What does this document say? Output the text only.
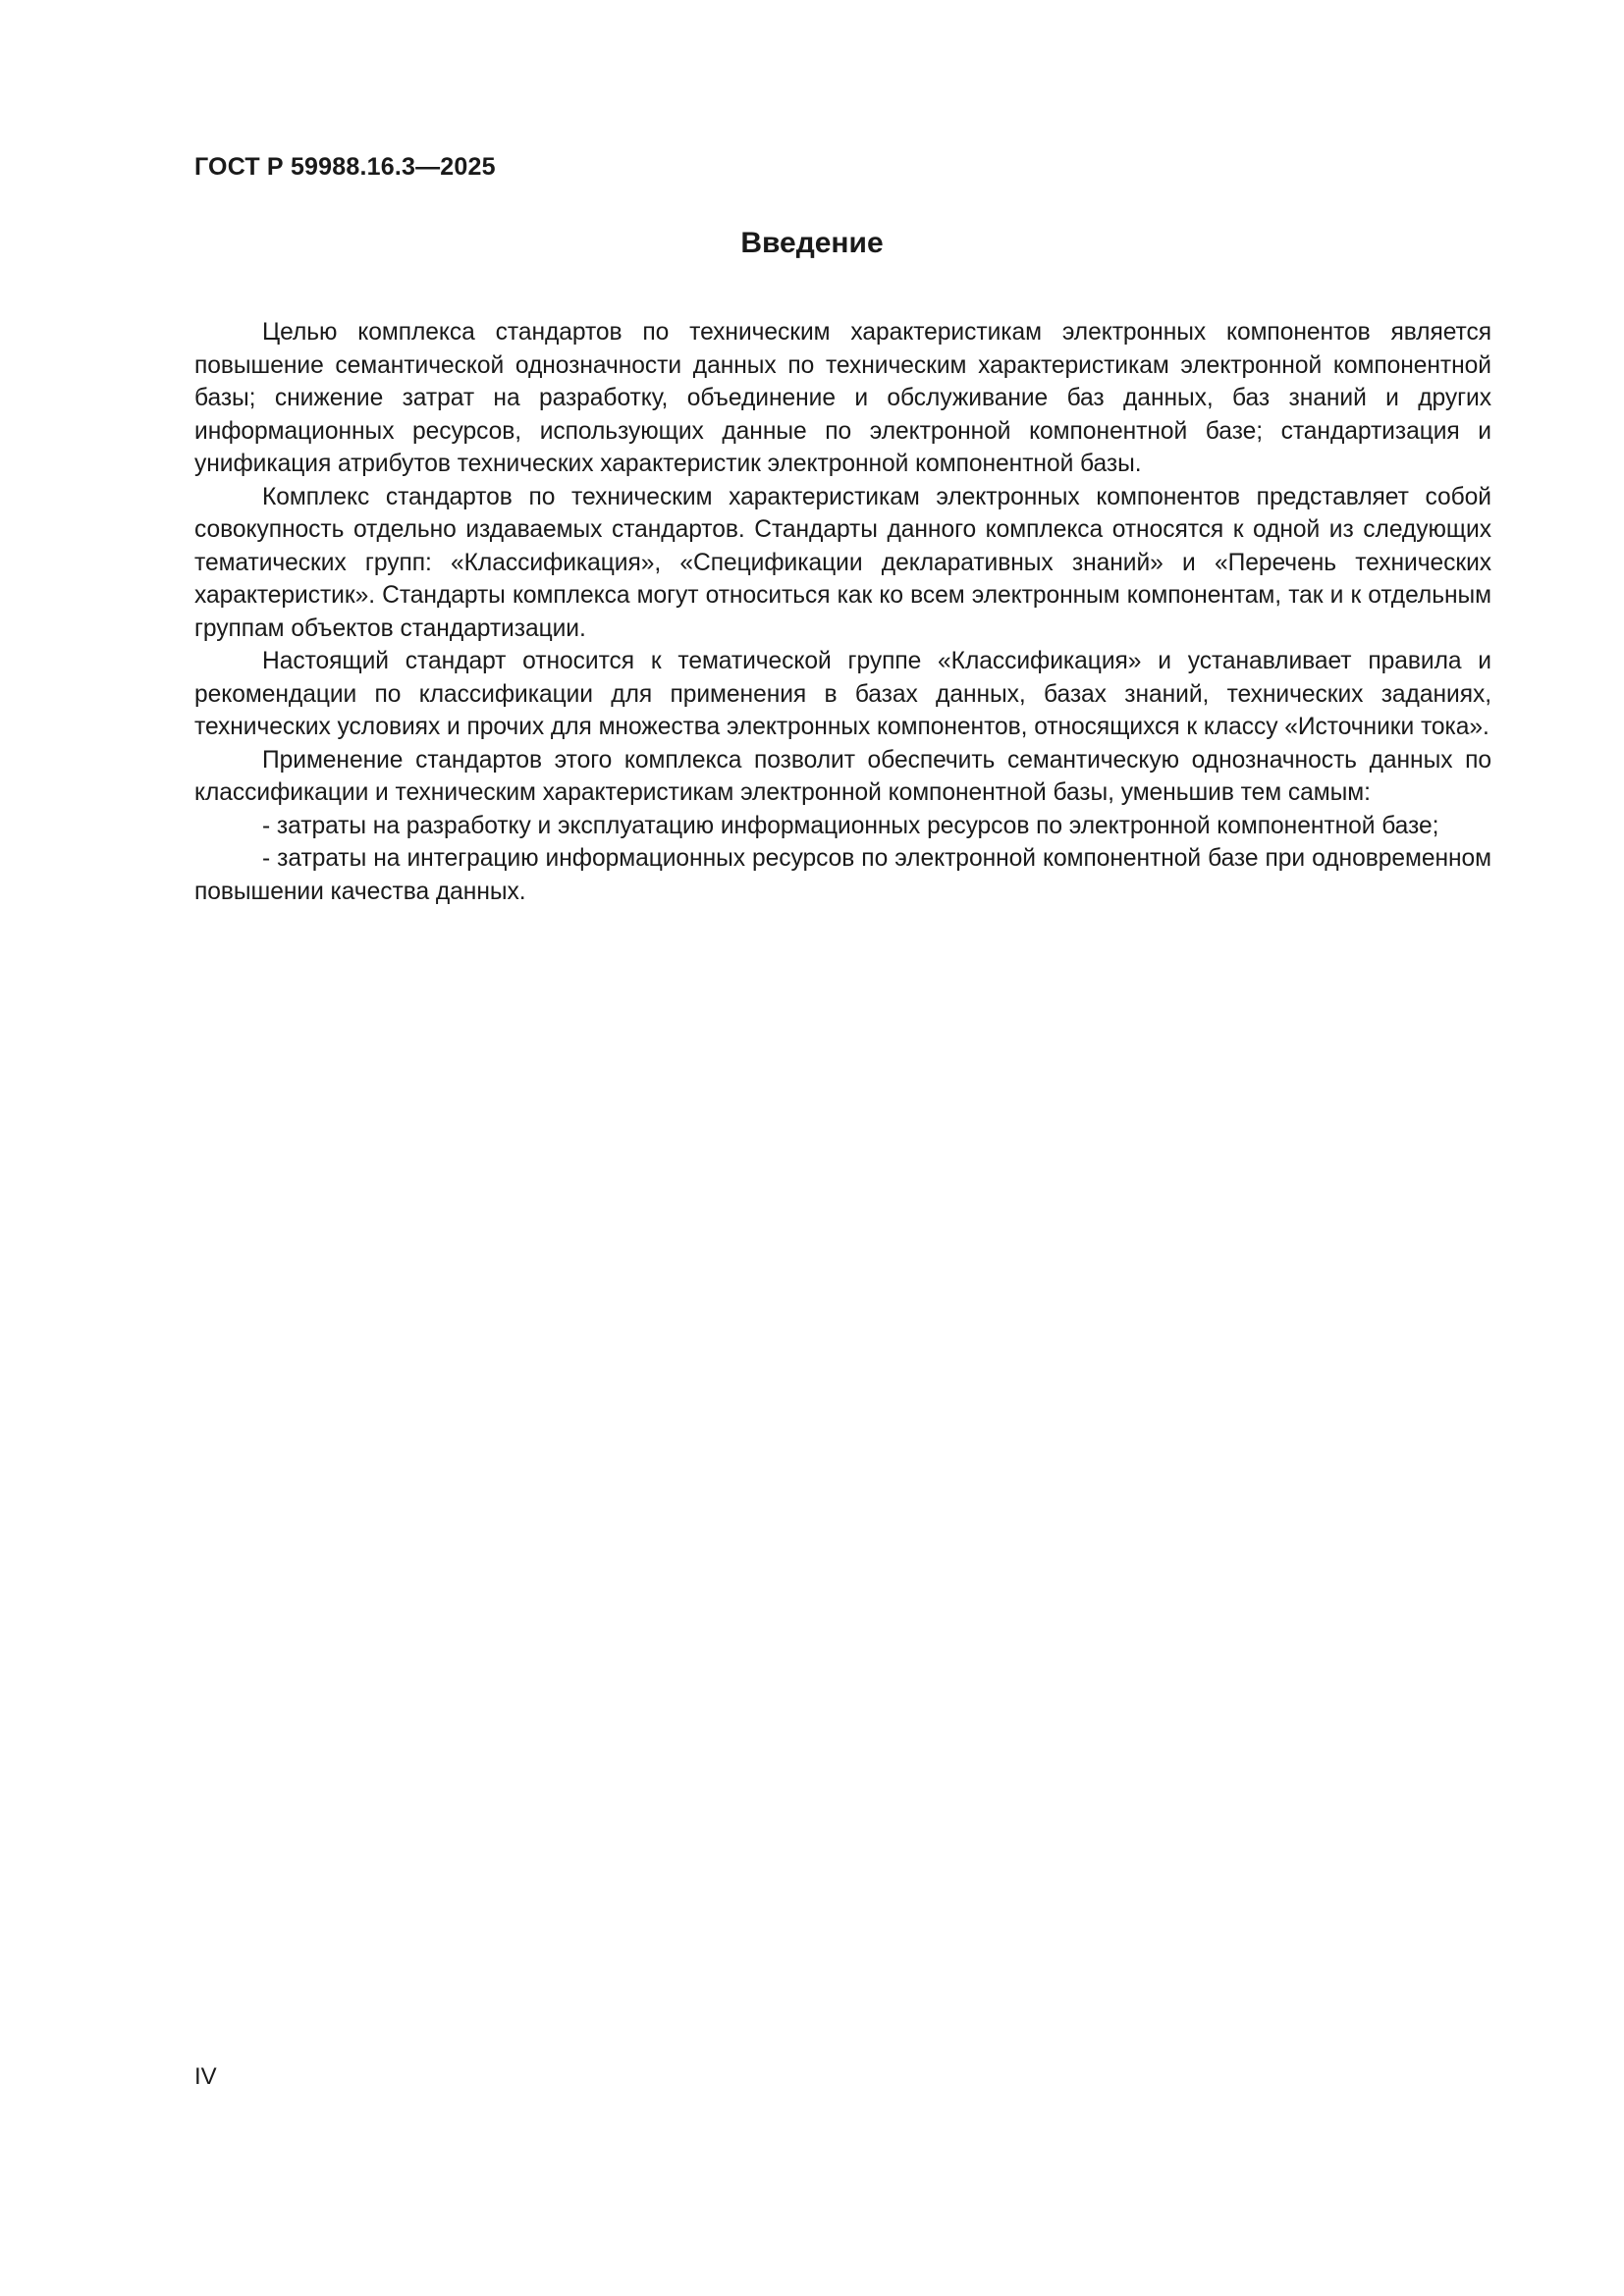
ГОСТ Р 59988.16.3—2025

Введение

Целью комплекса стандартов по техническим характеристикам электронных компонентов является повышение семантической однозначности данных по техническим характеристикам электронной компонентной базы; снижение затрат на разработку, объединение и обслуживание баз данных, баз знаний и других информационных ресурсов, использующих данные по электронной компонентной базе; стандартизация и унификация атрибутов технических характеристик электронной компонентной базы.

Комплекс стандартов по техническим характеристикам электронных компонентов представляет собой совокупность отдельно издаваемых стандартов. Стандарты данного комплекса относятся к одной из следующих тематических групп: «Классификация», «Спецификации декларативных знаний» и «Перечень технических характеристик». Стандарты комплекса могут относиться как ко всем электронным компонентам, так и к отдельным группам объектов стандартизации.

Настоящий стандарт относится к тематической группе «Классификация» и устанавливает правила и рекомендации по классификации для применения в базах данных, базах знаний, технических заданиях, технических условиях и прочих для множества электронных компонентов, относящихся к классу «Источники тока».

Применение стандартов этого комплекса позволит обеспечить семантическую однозначность данных по классификации и техническим характеристикам электронной компонентной базы, уменьшив тем самым:

- затраты на разработку и эксплуатацию информационных ресурсов по электронной компонентной базе;

- затраты на интеграцию информационных ресурсов по электронной компонентной базе при одновременном повышении качества данных.

IV
